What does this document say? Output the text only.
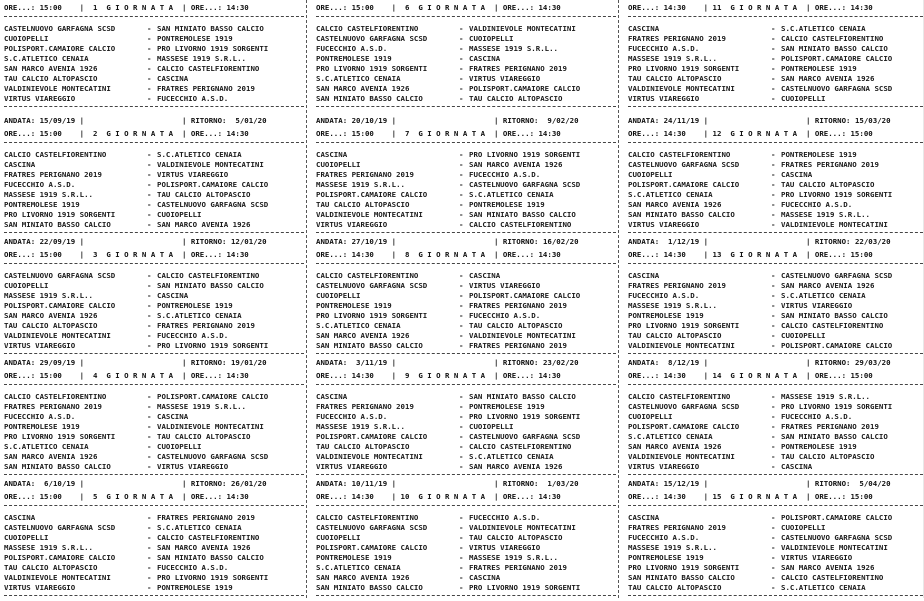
ORE...: 15:00    |  1  G I O R N A T A  | ORE...: 14:30
CASTELNUOVO GARFAGNA SCSD	- SAN MINIATO BASSO CALCIO
CUOIOPELLI	- PONTREMOLESE 1919
POLISPORT.CAMAIORE CALCIO	- PRO LIVORNO 1919 SORGENTI
S.C.ATLETICO CENAIA	- MASSESE 1919 S.R.L..
SAN MARCO AVENIA 1926	- CALCIO CASTELFIORENTINO
TAU CALCIO ALTOPASCIO	- CASCINA
VALDINIEVOLE MONTECATINI	- FRATRES PERIGNANO 2019
VIRTUS VIAREGGIO	- FUCECCHIO A.S.D.
ANDATA: 15/09/19 |	| RITORNO:  5/01/20
ORE...: 15:00    |  2  G I O R N A T A  | ORE...: 14:30
CALCIO CASTELFIORENTINO	- S.C.ATLETICO CENAIA
CASCINA	- VALDINIEVOLE MONTECATINI
FRATRES PERIGNANO 2019	- VIRTUS VIAREGGIO
FUCECCHIO A.S.D.	- POLISPORT.CAMAIORE CALCIO
MASSESE 1919 S.R.L..	- TAU CALCIO ALTOPASCIO
PONTREMOLESE 1919	- CASTELNUOVO GARFAGNA SCSD
PRO LIVORNO 1919 SORGENTI	- CUOIOPELLI
SAN MINIATO BASSO CALCIO	- SAN MARCO AVENIA 1926
ANDATA: 22/09/19 |	| RITORNO: 12/01/20
ORE...: 15:00    |  3  G I O R N A T A  | ORE...: 14:30
CASTELNUOVO GARFAGNA SCSD	- CALCIO CASTELFIORENTINO
CUOIOPELLI	- SAN MINIATO BASSO CALCIO
MASSESE 1919 S.R.L..	- CASCINA
POLISPORT.CAMAIORE CALCIO	- PONTREMOLESE 1919
SAN MARCO AVENIA 1926	- S.C.ATLETICO CENAIA
TAU CALCIO ALTOPASCIO	- FRATRES PERIGNANO 2019
VALDINIEVOLE MONTECATINI	- FUCECCHIO A.S.D.
VIRTUS VIAREGGIO	- PRO LIVORNO 1919 SORGENTI
ANDATA: 29/09/19 |	| RITORNO: 19/01/20
ORE...: 15:00    |  4  G I O R N A T A  | ORE...: 14:30
CALCIO CASTELFIORENTINO	- POLISPORT.CAMAIORE CALCIO
FRATRES PERIGNANO 2019	- MASSESE 1919 S.R.L..
FUCECCHIO A.S.D.	- CASCINA
PONTREMOLESE 1919	- VALDINIEVOLE MONTECATINI
PRO LIVORNO 1919 SORGENTI	- TAU CALCIO ALTOPASCIO
S.C.ATLETICO CENAIA	- CUOIOPELLI
SAN MARCO AVENIA 1926	- CASTELNUOVO GARFAGNA SCSD
SAN MINIATO BASSO CALCIO	- VIRTUS VIAREGGIO
ANDATA:  6/10/19 |	| RITORNO: 26/01/20
ORE...: 15:00    |  5  G I O R N A T A  | ORE...: 14:30
CASCINA	- FRATRES PERIGNANO 2019
CASTELNUOVO GARFAGNA SCSD	- S.C.ATLETICO CENAIA
CUOIOPELLI	- CALCIO CASTELFIORENTINO
MASSESE 1919 S.R.L..	- SAN MARCO AVENIA 1926
POLISPORT.CAMAIORE CALCIO	- SAN MINIATO BASSO CALCIO
TAU CALCIO ALTOPASCIO	- FUCECCHIO A.S.D.
VALDINIEVOLE MONTECATINI	- PRO LIVORNO 1919 SORGENTI
VIRTUS VIAREGGIO	- PONTREMOLESE 1919
ORE...: 15:00    |  6  G I O R N A T A  | ORE...: 14:30
CALCIO CASTELFIORENTINO	- VALDINIEVOLE MONTECATINI
CASTELNUOVO GARFAGNA SCSD	- CUOIOPELLI
FUCECCHIO A.S.D.	- MASSESE 1919 S.R.L..
PONTREMOLESE 1919	- CASCINA
PRO LIVORNO 1919 SORGENTI	- FRATRES PERIGNANO 2019
S.C.ATLETICO CENAIA	- VIRTUS VIAREGGIO
SAN MARCO AVENIA 1926	- POLISPORT.CAMAIORE CALCIO
SAN MINIATO BASSO CALCIO	- TAU CALCIO ALTOPASCIO
ANDATA: 20/10/19 |	| RITORNO:  9/02/20
ORE...: 15:00    |  7  G I O R N A T A  | ORE...: 14:30
CASCINA	- PRO LIVORNO 1919 SORGENTI
CUOIOPELLI	- SAN MARCO AVENIA 1926
FRATRES PERIGNANO 2019	- FUCECCHIO A.S.D.
MASSESE 1919 S.R.L..	- CASTELNUOVO GARFAGNA SCSD
POLISPORT.CAMAIORE CALCIO	- S.C.ATLETICO CENAIA
TAU CALCIO ALTOPASCIO	- PONTREMOLESE 1919
VALDINIEVOLE MONTECATINI	- SAN MINIATO BASSO CALCIO
VIRTUS VIAREGGIO	- CALCIO CASTELFIORENTINO
ANDATA: 27/10/19 |	| RITORNO: 16/02/20
ORE...: 14:30    |  8  G I O R N A T A  | ORE...: 14:30
CALCIO CASTELFIORENTINO	- CASCINA
CASTELNUOVO GARFAGNA SCSD	- VIRTUS VIAREGGIO
CUOIOPELLI	- POLISPORT.CAMAIORE CALCIO
PONTREMOLESE 1919	- FRATRES PERIGNANO 2019
PRO LIVORNO 1919 SORGENTI	- FUCECCHIO A.S.D.
S.C.ATLETICO CENAIA	- TAU CALCIO ALTOPASCIO
SAN MARCO AVENIA 1926	- VALDINIEVOLE MONTECATINI
SAN MINIATO BASSO CALCIO	- FRATRES PERIGNANO 2019
ANDATA:  3/11/19 |	| RITORNO: 23/02/20
ORE...: 14:30    |  9  G I O R N A T A  | ORE...: 14:30
CASCINA	- SAN MINIATO BASSO CALCIO
FRATRES PERIGNANO 2019	- PONTREMOLESE 1919
FUCECCHIO A.S.D.	- PRO LIVORNO 1919 SORGENTI
MASSESE 1919 S.R.L..	- CUOIOPELLI
POLISPORT.CAMAIORE CALCIO	- CASTELNUOVO GARFAGNA SCSD
TAU CALCIO ALTOPASCIO	- CALCIO CASTELFIORENTINO
VALDINIEVOLE MONTECATINI	- S.C.ATLETICO CENAIA
VIRTUS VIAREGGIO	- SAN MARCO AVENIA 1926
ANDATA: 10/11/19 |	| RITORNO:  1/03/20
ORE...: 14:30    | 10  G I O R N A T A  | ORE...: 14:30
CALCIO CASTELFIORENTINO	- FUCECCHIO A.S.D.
CASTELNUOVO GARFAGNA SCSD	- VALDINIEVOLE MONTECATINI
CUOIOPELLI	- TAU CALCIO ALTOPASCIO
POLISPORT.CAMAIORE CALCIO	- VIRTUS VIAREGGIO
PONTREMOLESE 1919	- MASSESE 1919 S.R.L..
S.C.ATLETICO CENAIA	- FRATRES PERIGNANO 2019
SAN MARCO AVENIA 1926	- CASCINA
SAN MINIATO BASSO CALCIO	- PRO LIVORNO 1919 SORGENTI
ORE...: 14:30    | 11  G I O R N A T A  | ORE...: 14:30
CASCINA	- S.C.ATLETICO CENAIA
FRATRES PERIGNANO 2019	- CALCIO CASTELFIORENTINO
FUCECCHIO A.S.D.	- SAN MINIATO BASSO CALCIO
MASSESE 1919 S.R.L..	- POLISPORT.CAMAIORE CALCIO
PRO LIVORNO 1919 SORGENTI	- PONTREMOLESE 1919
TAU CALCIO ALTOPASCIO	- SAN MARCO AVENIA 1926
VALDINIEVOLE MONTECATINI	- CASTELNUOVO GARFAGNA SCSD
VIRTUS VIAREGGIO	- CUOIOPELLI
ANDATA: 24/11/19 |	| RITORNO: 15/03/20
ORE...: 14:30    | 12  G I O R N A T A  | ORE...: 15:00
CALCIO CASTELFIORENTINO	- PONTREMOLESE 1919
CASTELNUOVO GARFAGNA SCSD	- FRATRES PERIGNANO 2019
CUOIOPELLI	- CASCINA
POLISPORT.CAMAIORE CALCIO	- TAU CALCIO ALTOPASCIO
S.C.ATLETICO CENAIA	- PRO LIVORNO 1919 SORGENTI
SAN MARCO AVENIA 1926	- FUCECCHIO A.S.D.
SAN MINIATO BASSO CALCIO	- MASSESE 1919 S.R.L..
VIRTUS VIAREGGIO	- VALDINIEVOLE MONTECATINI
ANDATA:  1/12/19 |	| RITORNO: 22/03/20
ORE...: 14:30    | 13  G I O R N A T A  | ORE...: 15:00
CASCINA	- CASTELNUOVO GARFAGNA SCSD
FRATRES PERIGNANO 2019	- SAN MARCO AVENIA 1926
FUCECCHIO A.S.D.	- S.C.ATLETICO CENAIA
MASSESE 1919 S.R.L..	- VIRTUS VIAREGGIO
PONTREMOLESE 1919	- SAN MINIATO BASSO CALCIO
PRO LIVORNO 1919 SORGENTI	- CALCIO CASTELFIORENTINO
TAU CALCIO ALTOPASCIO	- CUOIOPELLI
VALDINIEVOLE MONTECATINI	- POLISPORT.CAMAIORE CALCIO
ANDATA:  8/12/19 |	| RITORNO: 29/03/20
ORE...: 14:30    | 14  G I O R N A T A  | ORE...: 15:00
CALCIO CASTELFIORENTINO	- MASSESE 1919 S.R.L..
CASTELNUOVO GARFAGNA SCSD	- PRO LIVORNO 1919 SORGENTI
CUOIOPELLI	- FUCECCHIO A.S.D.
POLISPORT.CAMAIORE CALCIO	- FRATRES PERIGNANO 2019
S.C.ATLETICO CENAIA	- SAN MINIATO BASSO CALCIO
SAN MARCO AVENIA 1926	- PONTREMOLESE 1919
VALDINIEVOLE MONTECATINI	- TAU CALCIO ALTOPASCIO
VIRTUS VIAREGGIO	- CASCINA
ANDATA: 15/12/19 |	| RITORNO:  5/04/20
ORE...: 14:30    | 15  G I O R N A T A  | ORE...: 15:00
CASCINA	- POLISPORT.CAMAIORE CALCIO
FRATRES PERIGNANO 2019	- CUOIOPELLI
FUCECCHIO A.S.D.	- CASTELNUOVO GARFAGNA SCSD
MASSESE 1919 S.R.L..	- VALDINIEVOLE MONTECATINI
PONTREMOLESE 1919	- VIRTUS VIAREGGIO
PRO LIVORNO 1919 SORGENTI	- SAN MARCO AVENIA 1926
SAN MINIATO BASSO CALCIO	- CALCIO CASTELFIORENTINO
TAU CALCIO ALTOPASCIO	- S.C.ATLETICO CENAIA
